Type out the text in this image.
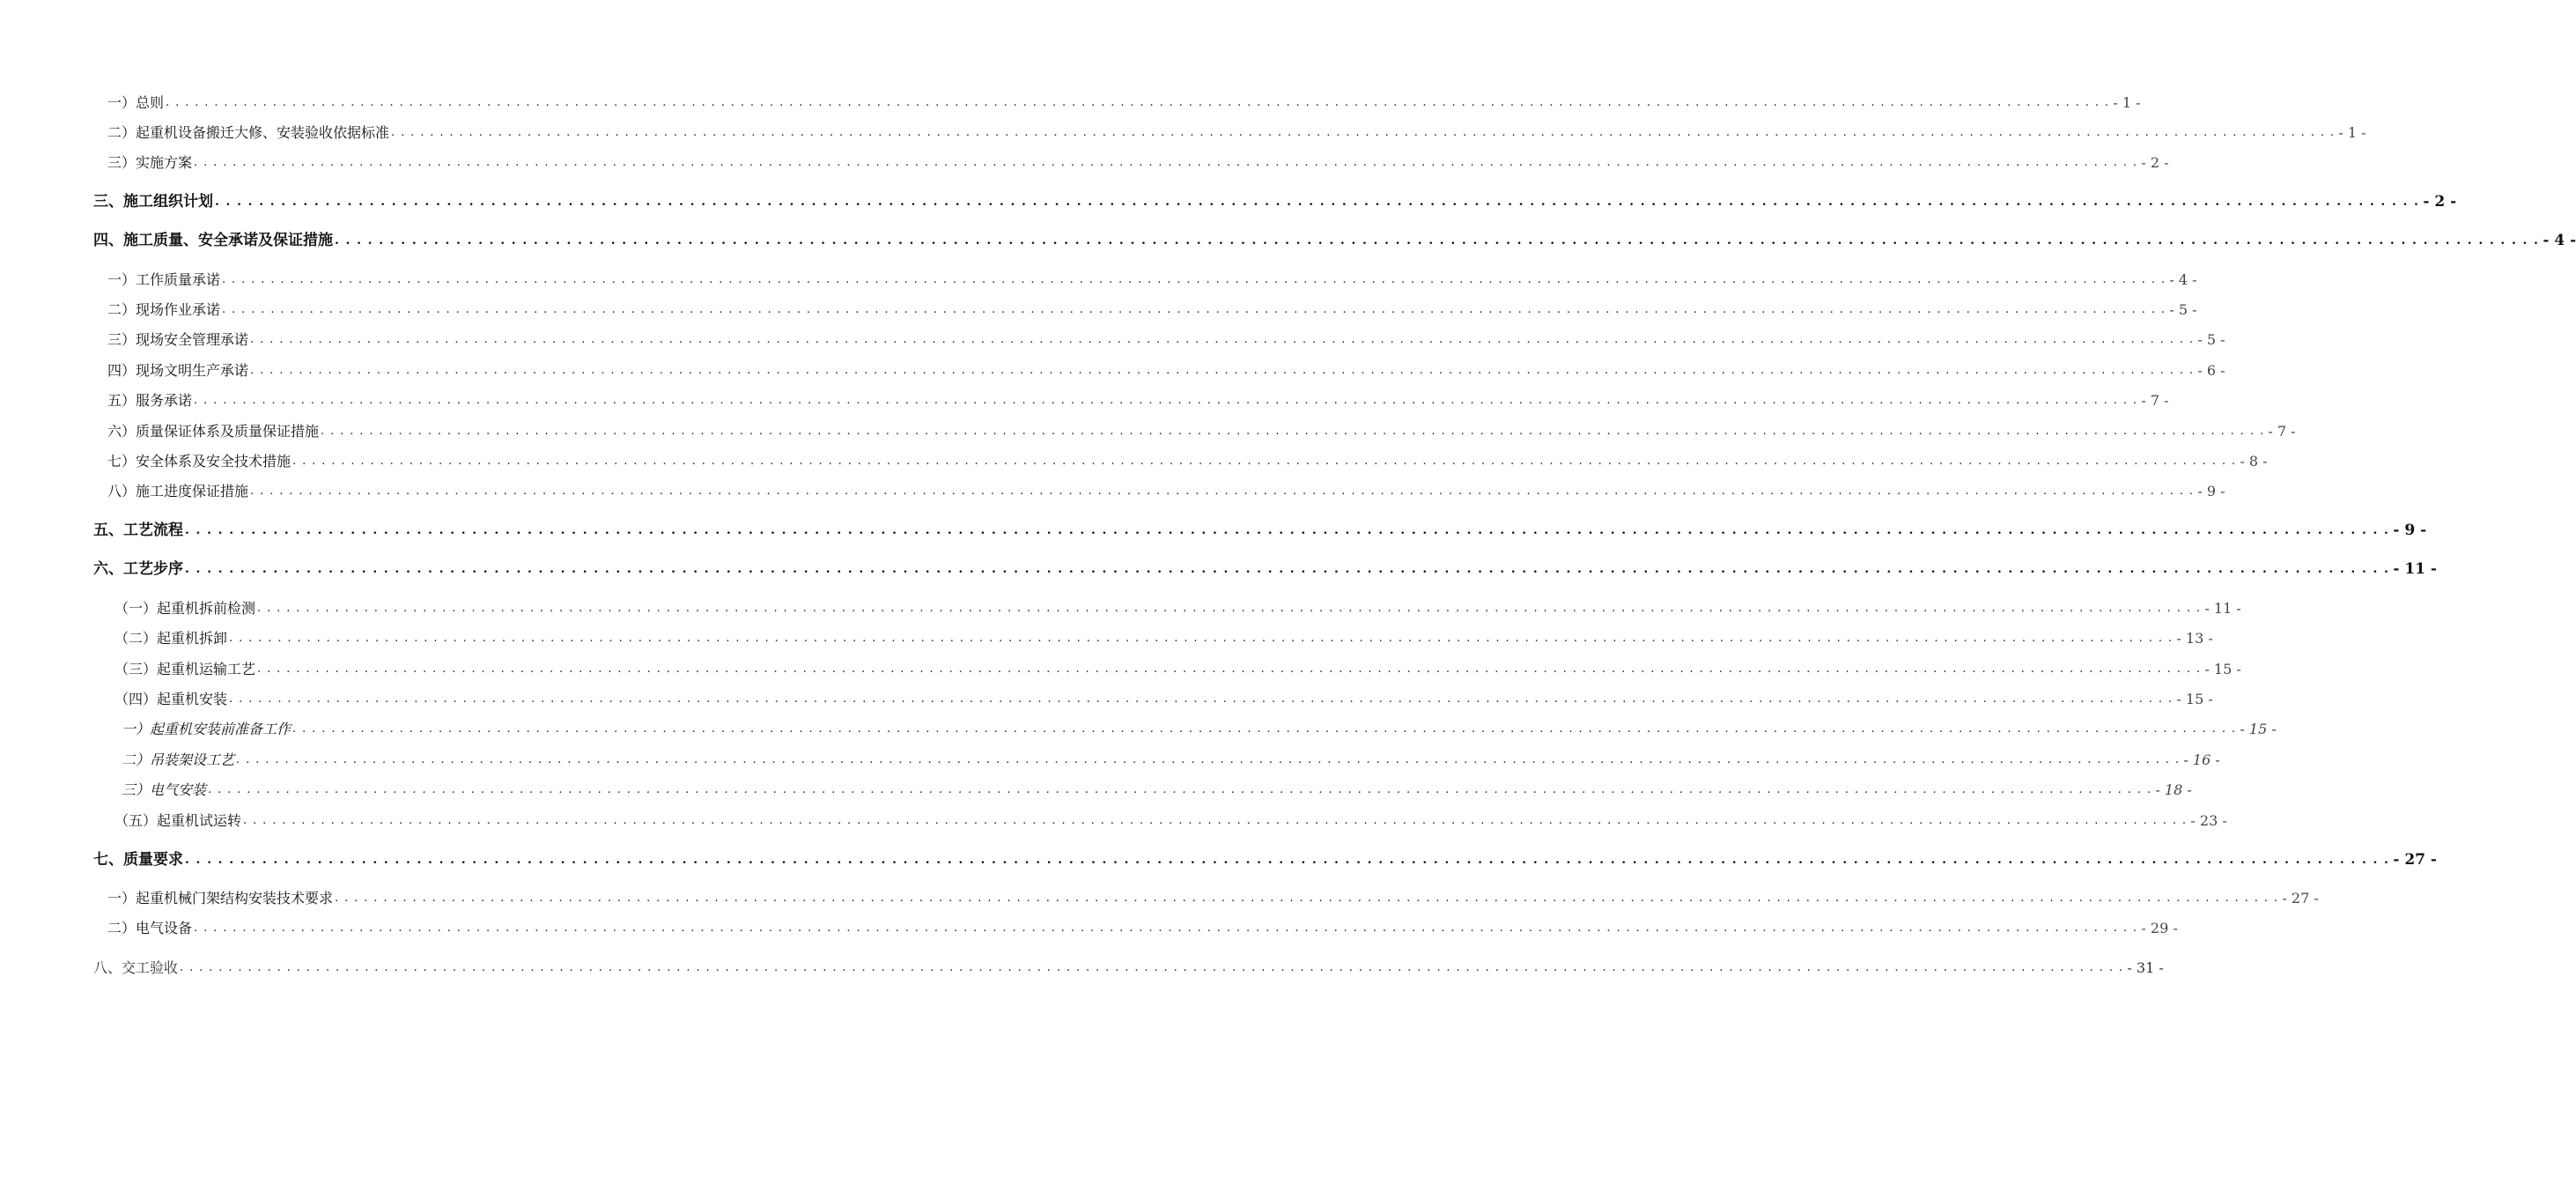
一）总则 . . . . . . . . . . . . . . . . . . . . . . . . . . . . . . . . . . . . . . . . . . . . . . . . . . . . . . . . . . . . . . . . . . . . . . . . . . . . . . . . . . . . . . . . . . . . . . . . . . . . . . . . . . . . . . . . . . . . . . . . . . . . . . . . . . . . . . . . . . . . . . . . . . . . . . . . . . . . . . . . . . . . . . . . . . . . . . . . . . . . . . . . . . . . . . . . . . . . . . . . - 1 -
二）起重机设备搬迁大修、安装验收依据标准 . . . . . . . . . . . . . . . . . . . . . . . . . . . . . . . . . . . . . . . . . . . . . . . . . . . . . . . . . . . . . . . . . . . . . . . . . . . . . . . . . . . . . . . . . . . . . . . . . . . . . . . . . . . . . . . . . . . . . . . . . . . . . . . . . . . . . . . . . . . . . . . . . . . . . . . . . . . . . . . . . . . . . . . . . . . . . . . . . . . . . . . . . . . . . . . . . . . . . . . . - 1 -
三）实施方案 . . . . . . . . . . . . . . . . . . . . . . . . . . . . . . . . . . . . . . . . . . . . . . . . . . . . . . . . . . . . . . . . . . . . . . . . . . . . . . . . . . . . . . . . . . . . . . . . . . . . . . . . . . . . . . . . . . . . . . . . . . . . . . . . . . . . . . . . . . . . . . . . . . . . . . . . . . . . . . . . . . . . . . . . . . . . . . . . . . . . . . . . . . . . . . . . . . . . . . . . - 2 -
三、施工组织计划 . . . . . . . . . . . . . . . . . . . . . . . . . . . . . . . . . . . . . . . . . . . . . . . . . . . . . . . . . . . . . . . . . . . . . . . . . . . . . . . . . . . . . . . . . . . . . . . . . . . . . . . . . . . . . . . . . . . . . . . . . . . . . . . . . . . . . . . . . . . . . . . . . . . . . . . . . . . . . . . . . . . . . . . . . . . . . . . . . . . . . . . . . . . . . . . . . . . . . . . . - 2 -
四、施工质量、安全承诺及保证措施 . . . . . . . . . . . . . . . . . . . . . . . . . . . . . . . . . . . . . . . . . . . . . . . . . . . . . . . . . . . . . . . . . . . . . . . . . . . . . . . . . . . . . . . . . . . . . . . . . . . . . . . . . . . . . . . . . . . . . . . . . . . . . . . . . . . . . . . . . . . . . . . . . . . . . . . . . . . . . . . . . . . . . . . . . . . . . . . . . . . . . . . . . . . . . . . . . . . . . . . . - 4 -
一）工作质量承诺 . . . . . . . . . . . . . . . . . . . . . . . . . . . . . . . . . . . . . . . . . . . . . . . . . . . . . . . . . . . . . . . . . . . . . . . . . . . . . . . . . . . . . . . . . . . . . . . . . . . . . . . . . . . . . . . . . . . . . . . . . . . . . . . . . . . . . . . . . . . . . . . . . . . . . . . . . . . . . . . . . . . . . . . . . . . . . . . . . . . . . . . . . . . . . . . . . . . . . . . . - 4 -
二）现场作业承诺 . . . . . . . . . . . . . . . . . . . . . . . . . . . . . . . . . . . . . . . . . . . . . . . . . . . . . . . . . . . . . . . . . . . . . . . . . . . . . . . . . . . . . . . . . . . . . . . . . . . . . . . . . . . . . . . . . . . . . . . . . . . . . . . . . . . . . . . . . . . . . . . . . . . . . . . . . . . . . . . . . . . . . . . . . . . . . . . . . . . . . . . . . . . . . . . . . . . . . . . . - 5 -
三）现场安全管理承诺 . . . . . . . . . . . . . . . . . . . . . . . . . . . . . . . . . . . . . . . . . . . . . . . . . . . . . . . . . . . . . . . . . . . . . . . . . . . . . . . . . . . . . . . . . . . . . . . . . . . . . . . . . . . . . . . . . . . . . . . . . . . . . . . . . . . . . . . . . . . . . . . . . . . . . . . . . . . . . . . . . . . . . . . . . . . . . . . . . . . . . . . . . . . . . . . . . . . . . . . . - 5 -
四）现场文明生产承诺 . . . . . . . . . . . . . . . . . . . . . . . . . . . . . . . . . . . . . . . . . . . . . . . . . . . . . . . . . . . . . . . . . . . . . . . . . . . . . . . . . . . . . . . . . . . . . . . . . . . . . . . . . . . . . . . . . . . . . . . . . . . . . . . . . . . . . . . . . . . . . . . . . . . . . . . . . . . . . . . . . . . . . . . . . . . . . . . . . . . . . . . . . . . . . . . . . . . . . . . . - 6 -
五）服务承诺 . . . . . . . . . . . . . . . . . . . . . . . . . . . . . . . . . . . . . . . . . . . . . . . . . . . . . . . . . . . . . . . . . . . . . . . . . . . . . . . . . . . . . . . . . . . . . . . . . . . . . . . . . . . . . . . . . . . . . . . . . . . . . . . . . . . . . . . . . . . . . . . . . . . . . . . . . . . . . . . . . . . . . . . . . . . . . . . . . . . . . . . . . . . . . . . . . . . . . . . . - 7 -
六）质量保证体系及质量保证措施 . . . . . . . . . . . . . . . . . . . . . . . . . . . . . . . . . . . . . . . . . . . . . . . . . . . . . . . . . . . . . . . . . . . . . . . . . . . . . . . . . . . . . . . . . . . . . . . . . . . . . . . . . . . . . . . . . . . . . . . . . . . . . . . . . . . . . . . . . . . . . . . . . . . . . . . . . . . . . . . . . . . . . . . . . . . . . . . . . . . . . . . . . . . . . . . . . . . . . . . . - 7 -
七）安全体系及安全技术措施 . . . . . . . . . . . . . . . . . . . . . . . . . . . . . . . . . . . . . . . . . . . . . . . . . . . . . . . . . . . . . . . . . . . . . . . . . . . . . . . . . . . . . . . . . . . . . . . . . . . . . . . . . . . . . . . . . . . . . . . . . . . . . . . . . . . . . . . . . . . . . . . . . . . . . . . . . . . . . . . . . . . . . . . . . . . . . . . . . . . . . . . . . . . . . . . . . . . . . . . . - 8 -
八）施工进度保证措施 . . . . . . . . . . . . . . . . . . . . . . . . . . . . . . . . . . . . . . . . . . . . . . . . . . . . . . . . . . . . . . . . . . . . . . . . . . . . . . . . . . . . . . . . . . . . . . . . . . . . . . . . . . . . . . . . . . . . . . . . . . . . . . . . . . . . . . . . . . . . . . . . . . . . . . . . . . . . . . . . . . . . . . . . . . . . . . . . . . . . . . . . . . . . . . . . . . . . . . . . - 9 -
五、工艺流程 . . . . . . . . . . . . . . . . . . . . . . . . . . . . . . . . . . . . . . . . . . . . . . . . . . . . . . . . . . . . . . . . . . . . . . . . . . . . . . . . . . . . . . . . . . . . . . . . . . . . . . . . . . . . . . . . . . . . . . . . . . . . . . . . . . . . . . . . . . . . . . . . . . . . . . . . . . . . . . . . . . . . . . . . . . . . . . . . . . . . . . . . . . . . . . . . . . . . . . . . - 9 -
六、工艺步序 . . . . . . . . . . . . . . . . . . . . . . . . . . . . . . . . . . . . . . . . . . . . . . . . . . . . . . . . . . . . . . . . . . . . . . . . . . . . . . . . . . . . . . . . . . . . . . . . . . . . . . . . . . . . . . . . . . . . . . . . . . . . . . . . . . . . . . . . . . . . . . . . . . . . . . . . . . . . . . . . . . . . . . . . . . . . . . . . . . . . . . . . . . . . . . . . . . . . . . . . - 11 -
（一）起重机拆前检测 . . . . . . . . . . . . . . . . . . . . . . . . . . . . . . . . . . . . . . . . . . . . . . . . . . . . . . . . . . . . . . . . . . . . . . . . . . . . . . . . . . . . . . . . . . . . . . . . . . . . . . . . . . . . . . . . . . . . . . . . . . . . . . . . . . . . . . . . . . . . . . . . . . . . . . . . . . . . . . . . . . . . . . . . . . . . . . . . . . . . . . . . . . . . . . . . . . . . . . . . - 11 -
（二）起重机拆卸 . . . . . . . . . . . . . . . . . . . . . . . . . . . . . . . . . . . . . . . . . . . . . . . . . . . . . . . . . . . . . . . . . . . . . . . . . . . . . . . . . . . . . . . . . . . . . . . . . . . . . . . . . . . . . . . . . . . . . . . . . . . . . . . . . . . . . . . . . . . . . . . . . . . . . . . . . . . . . . . . . . . . . . . . . . . . . . . . . . . . . . . . . . . . . . . . . . . . . . . . - 13 -
（三）起重机运输工艺 . . . . . . . . . . . . . . . . . . . . . . . . . . . . . . . . . . . . . . . . . . . . . . . . . . . . . . . . . . . . . . . . . . . . . . . . . . . . . . . . . . . . . . . . . . . . . . . . . . . . . . . . . . . . . . . . . . . . . . . . . . . . . . . . . . . . . . . . . . . . . . . . . . . . . . . . . . . . . . . . . . . . . . . . . . . . . . . . . . . . . . . . . . . . . . . . . . . . . . . . - 15 -
（四）起重机安装 . . . . . . . . . . . . . . . . . . . . . . . . . . . . . . . . . . . . . . . . . . . . . . . . . . . . . . . . . . . . . . . . . . . . . . . . . . . . . . . . . . . . . . . . . . . . . . . . . . . . . . . . . . . . . . . . . . . . . . . . . . . . . . . . . . . . . . . . . . . . . . . . . . . . . . . . . . . . . . . . . . . . . . . . . . . . . . . . . . . . . . . . . . . . . . . . . . . . . . . . - 15 -
一）起重机安装前准备工作 . . . . . . . . . . . . . . . . . . . . . . . . . . . . . . . . . . . . . . . . . . . . . . . . . . . . . . . . . . . . . . . . . . . . . . . . . . . . . . . . . . . . . . . . . . . . . . . . . . . . . . . . . . . . . . . . . . . . . . . . . . . . . . . . . . . . . . . . . . . . . . . . . . . . . . . . . . . . . . . . . . . . . . . . . . . . . . . . . . . . . . . . . . . . . . . . . . . . . . . . - 15 -
二）吊装架设工艺 . . . . . . . . . . . . . . . . . . . . . . . . . . . . . . . . . . . . . . . . . . . . . . . . . . . . . . . . . . . . . . . . . . . . . . . . . . . . . . . . . . . . . . . . . . . . . . . . . . . . . . . . . . . . . . . . . . . . . . . . . . . . . . . . . . . . . . . . . . . . . . . . . . . . . . . . . . . . . . . . . . . . . . . . . . . . . . . . . . . . . . . . . . . . . . . . . . . . . . . . - 16 -
三）电气安装 . . . . . . . . . . . . . . . . . . . . . . . . . . . . . . . . . . . . . . . . . . . . . . . . . . . . . . . . . . . . . . . . . . . . . . . . . . . . . . . . . . . . . . . . . . . . . . . . . . . . . . . . . . . . . . . . . . . . . . . . . . . . . . . . . . . . . . . . . . . . . . . . . . . . . . . . . . . . . . . . . . . . . . . . . . . . . . . . . . . . . . . . . . . . . . . . . . . . . . . . - 18 -
（五）起重机试运转 . . . . . . . . . . . . . . . . . . . . . . . . . . . . . . . . . . . . . . . . . . . . . . . . . . . . . . . . . . . . . . . . . . . . . . . . . . . . . . . . . . . . . . . . . . . . . . . . . . . . . . . . . . . . . . . . . . . . . . . . . . . . . . . . . . . . . . . . . . . . . . . . . . . . . . . . . . . . . . . . . . . . . . . . . . . . . . . . . . . . . . . . . . . . . . . . . . . . . . . . - 23 -
七、质量要求 . . . . . . . . . . . . . . . . . . . . . . . . . . . . . . . . . . . . . . . . . . . . . . . . . . . . . . . . . . . . . . . . . . . . . . . . . . . . . . . . . . . . . . . . . . . . . . . . . . . . . . . . . . . . . . . . . . . . . . . . . . . . . . . . . . . . . . . . . . . . . . . . . . . . . . . . . . . . . . . . . . . . . . . . . . . . . . . . . . . . . . . . . . . . . . . . . . . . . . . . - 27 -
一）起重机械门架结构安装技术要求 . . . . . . . . . . . . . . . . . . . . . . . . . . . . . . . . . . . . . . . . . . . . . . . . . . . . . . . . . . . . . . . . . . . . . . . . . . . . . . . . . . . . . . . . . . . . . . . . . . . . . . . . . . . . . . . . . . . . . . . . . . . . . . . . . . . . . . . . . . . . . . . . . . . . . . . . . . . . . . . . . . . . . . . . . . . . . . . . . . . . . . . . . . . . . . . . . . . . . . . . - 27 -
二）电气设备 . . . . . . . . . . . . . . . . . . . . . . . . . . . . . . . . . . . . . . . . . . . . . . . . . . . . . . . . . . . . . . . . . . . . . . . . . . . . . . . . . . . . . . . . . . . . . . . . . . . . . . . . . . . . . . . . . . . . . . . . . . . . . . . . . . . . . . . . . . . . . . . . . . . . . . . . . . . . . . . . . . . . . . . . . . . . . . . . . . . . . . . . . . . . . . . . . . . . . . . . - 29 -
八、交工验收 . . . . . . . . . . . . . . . . . . . . . . . . . . . . . . . . . . . . . . . . . . . . . . . . . . . . . . . . . . . . . . . . . . . . . . . . . . . . . . . . . . . . . . . . . . . . . . . . . . . . . . . . . . . . . . . . . . . . . . . . . . . . . . . . . . . . . . . . . . . . . . . . . . . . . . . . . . . . . . . . . . . . . . . . . . . . . . . . . . . . . . . . . . . . . . . . . . . . . . . . - 31 -
